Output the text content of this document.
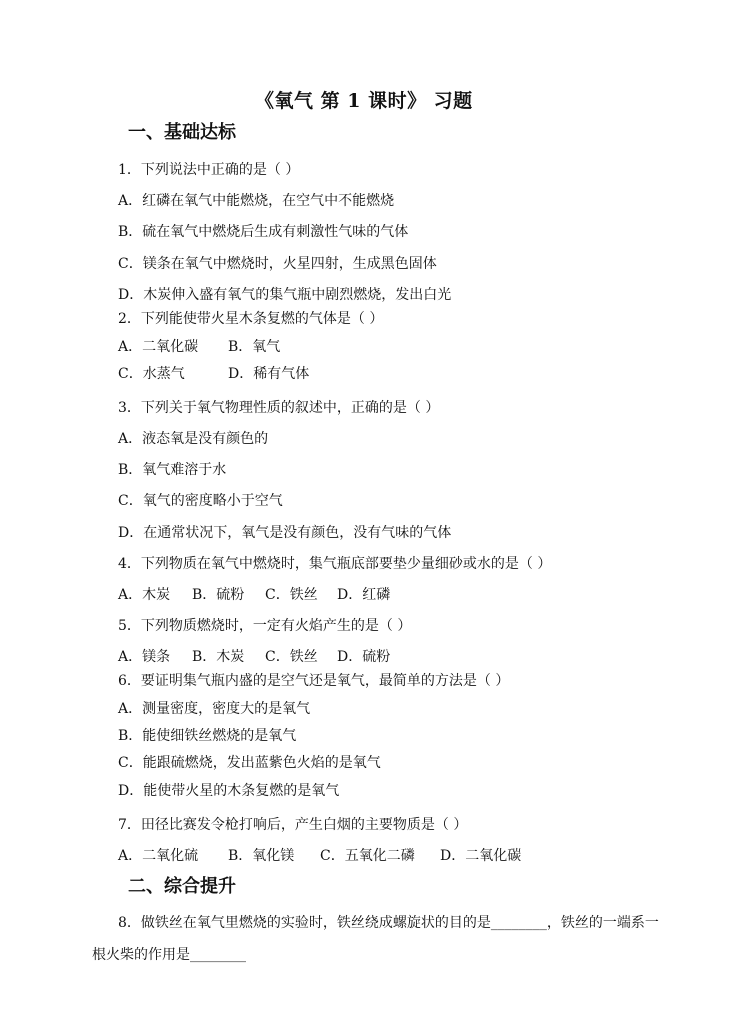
《氧气 第 1 课时》 习题
一、基础达标
1．下列说法中正确的是（ ）
A．红磷在氧气中能燃烧，在空气中不能燃烧
B．硫在氧气中燃烧后生成有刺激性气味的气体
C．镁条在氧气中燃烧时，火星四射，生成黑色固体
D．木炭伸入盛有氧气的集气瓶中剧烈燃烧，发出白光
2．下列能使带火星木条复燃的气体是（ ）
A．二氧化碳 B．氧气
C．水蒸气	D．稀有气体
3．下列关于氧气物理性质的叙述中，正确的是（ ）
A．液态氧是没有颜色的
B．氧气难溶于水
C．氧气的密度略小于空气
D．在通常状况下，氧气是没有颜色，没有气味的气体
4．下列物质在氧气中燃烧时，集气瓶底部要垫少量细砂或水的是（ ）
A．木炭 B．硫粉 C．铁丝 D．红磷
5．下列物质燃烧时，一定有火焰产生的是（ ）
A．镁条 B．木炭 C．铁丝 D．硫粉
6．要证明集气瓶内盛的是空气还是氧气，最简单的方法是（ ）
A．测量密度，密度大的是氧气
B．能使细铁丝燃烧的是氧气
C．能跟硫燃烧，发出蓝紫色火焰的是氧气
D．能使带火星的木条复燃的是氧气
7．田径比赛发令枪打响后，产生白烟的主要物质是（ ）
A．二氧化硫 B．氧化镁 C．五氧化二磷 D．二氧化碳
二、综合提升
8．做铁丝在氧气里燃烧的实验时，铁丝绕成螺旋状的目的是________，铁丝的一端系一
根火柴的作用是________
